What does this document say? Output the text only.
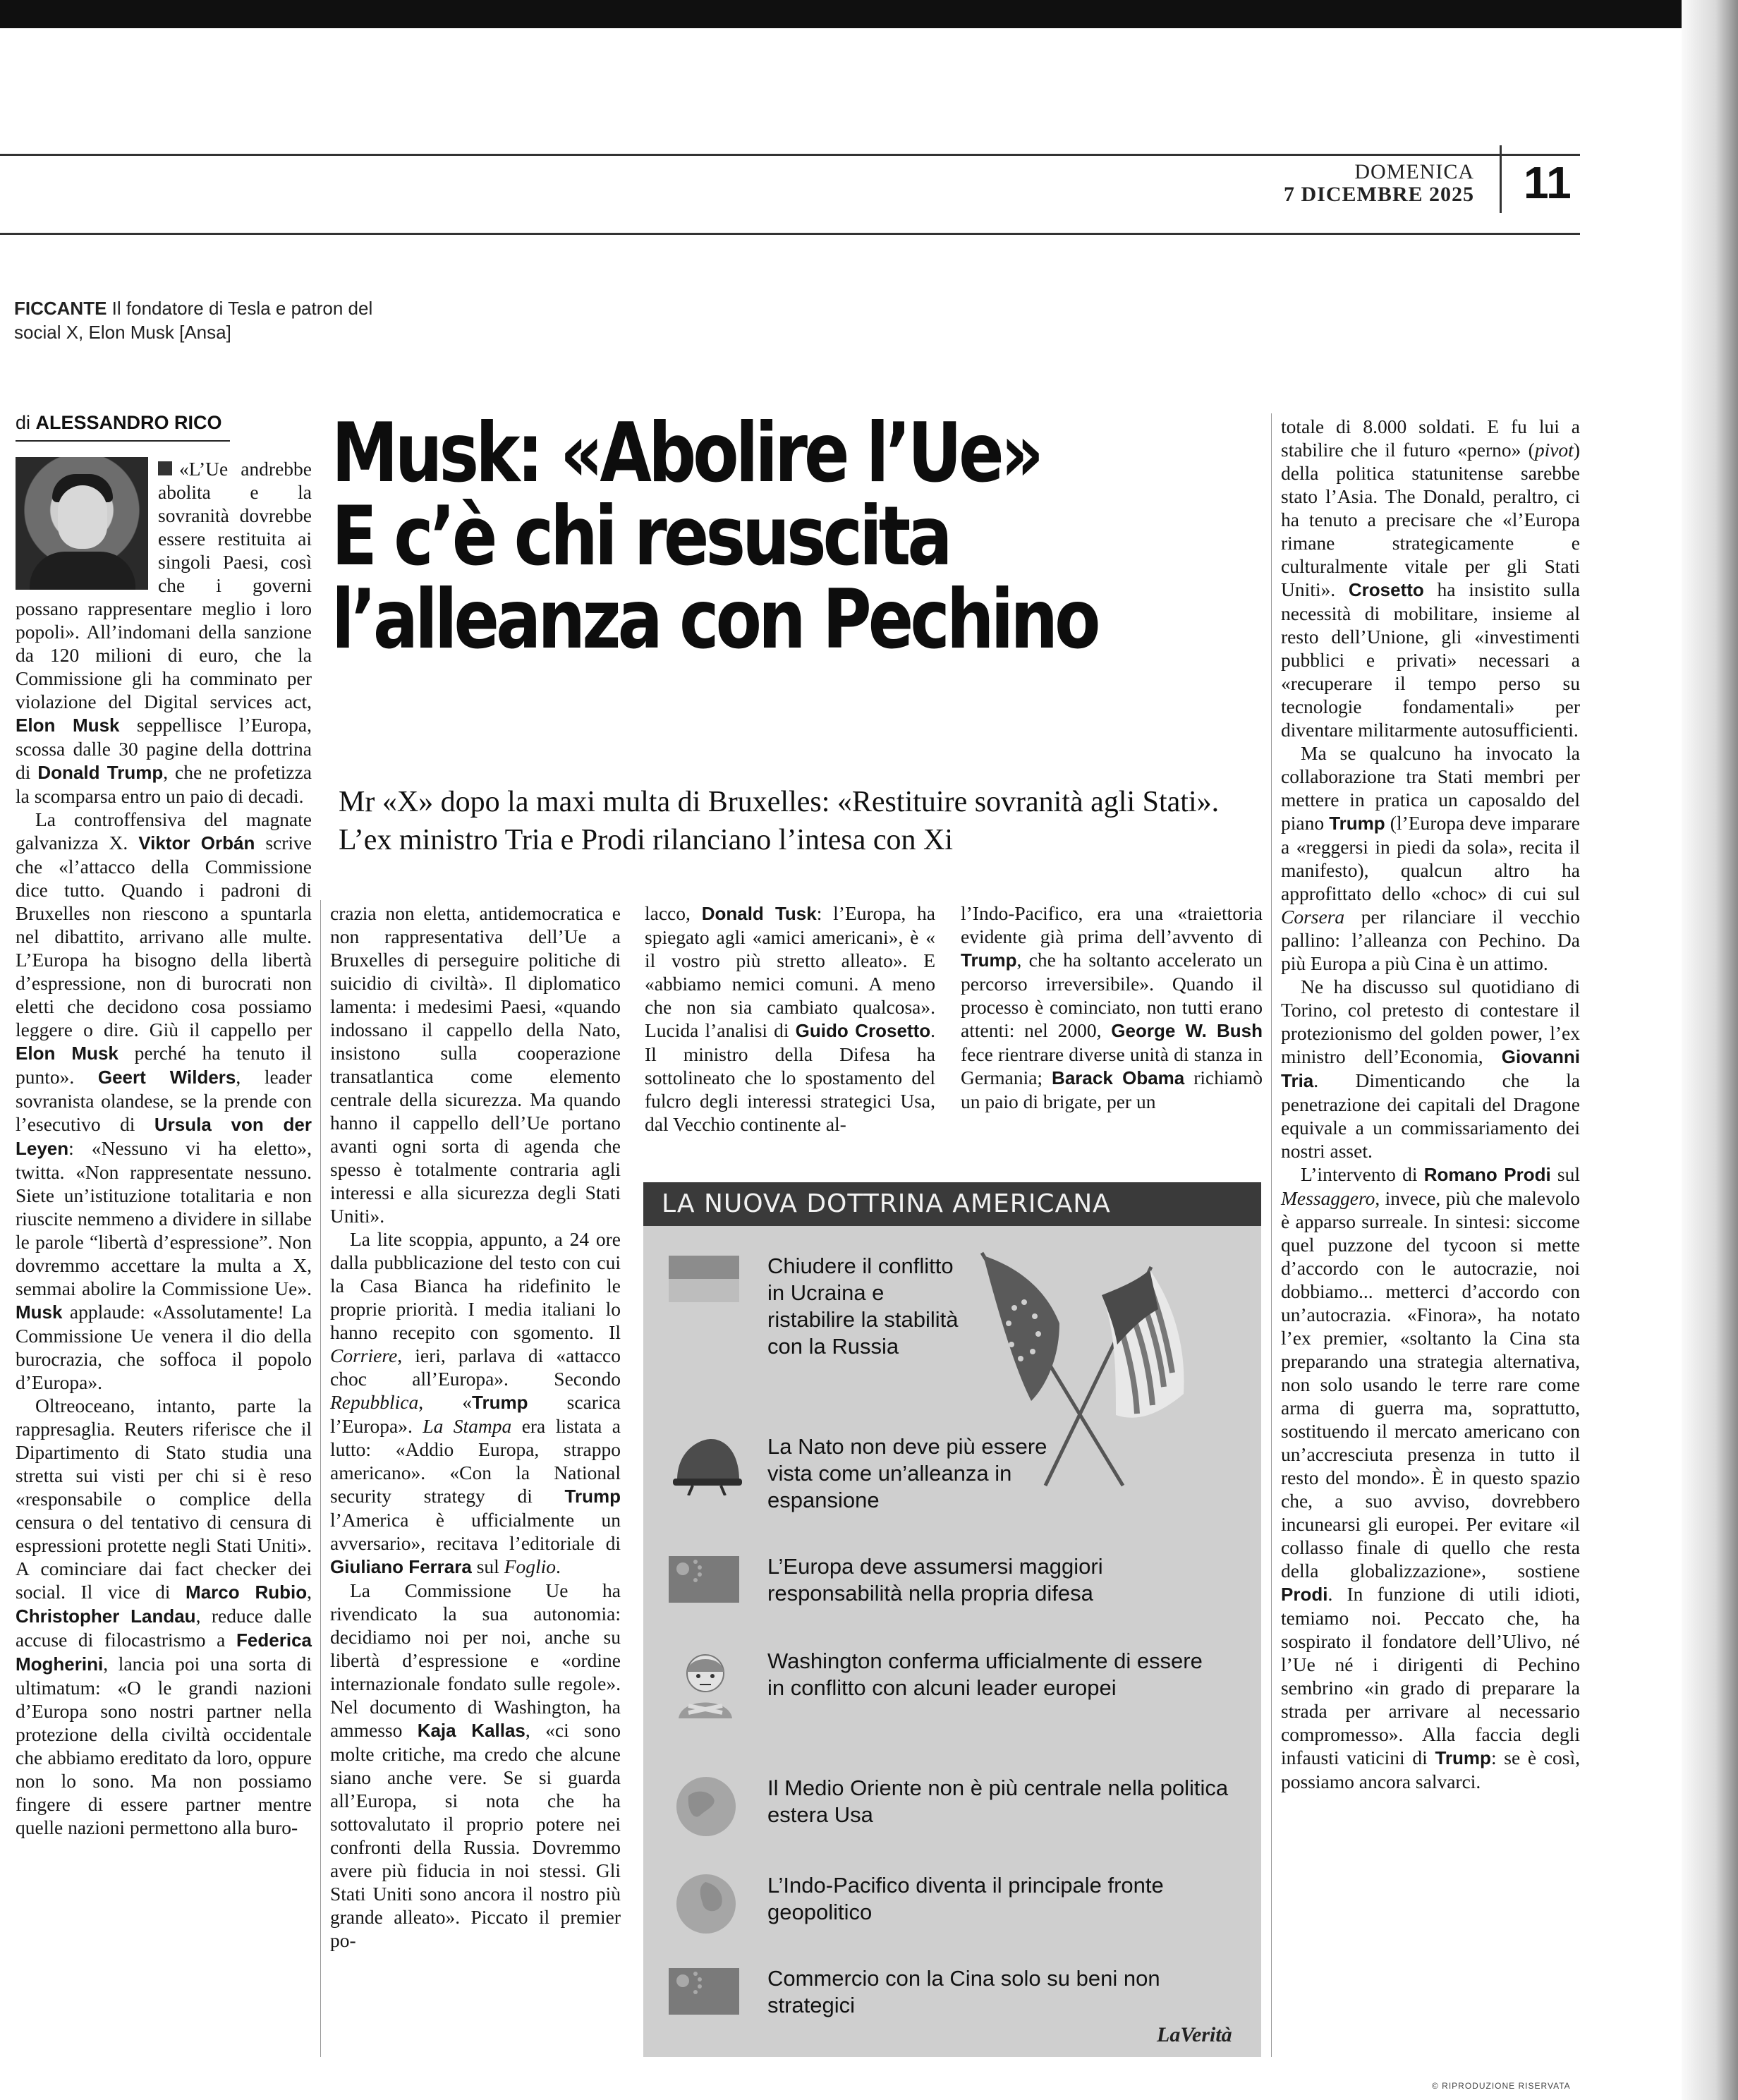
DOMENICA
7 DICEMBRE 2025 11
FICCANTE Il fondatore di Tesla e patron del social X, Elon Musk [Ansa]
di ALESSANDRO RICO Musk: «Abolire l’Ue»
E c’è chi resuscita
l’alleanza con Pechino
Mr «X» dopo la maxi multa di Bruxelles: «Restituire sovranità agli Stati». L’ex ministro Tria e Prodi rilanciano l’intesa con Xi

«L’Ue andrebbe abolita e la sovranità dovrebbe essere restituita ai singoli Paesi, così che i governi possano rappresentare meglio i loro popoli». All’indomani della sanzione da 120 milioni di euro, che la Commissione gli ha comminato per violazione del Digital services act, Elon Musk seppellisce l’Europa, scossa dalle 30 pagine della dottrina di Donald Trump, che ne profetizza la scomparsa entro un paio di decadi.

La controffensiva del magnate galvanizza X. Viktor Orbán scrive che «l’attacco della Commissione dice tutto. Quando i padroni di Bruxelles non riescono a spuntarla nel dibattito, arrivano alle multe. L’Europa ha bisogno della libertà d’espressione, non di burocrati non eletti che decidono cosa possiamo leggere o dire. Giù il cappello per Elon Musk perché ha tenuto il punto». Geert Wilders, leader sovranista olandese, se la prende con l’esecutivo di Ursula von der Leyen: «Nessuno vi ha eletto», twitta. «Non rappresentate nessuno. Siete un’istituzione totalitaria e non riuscite nemmeno a dividere in sillabe le parole “libertà d’espressione”. Non dovremmo accettare la multa a X, semmai abolire la Commissione Ue». Musk applaude: «Assolutamente! La Commissione Ue venera il dio della burocrazia, che soffoca il popolo d’Europa».

Oltreoceano, intanto, parte la rappresaglia. Reuters riferisce che il Dipartimento di Stato studia una stretta sui visti per chi si è reso «responsabile o complice della censura o del tentativo di censura di espressioni protette negli Stati Uniti». A cominciare dai fact checker dei social. Il vice di Marco Rubio, Christopher Landau, reduce dalle accuse di filocastrismo a Federica Mogherini, lancia poi una sorta di ultimatum: «O le grandi nazioni d’Europa sono nostri partner nella protezione della civiltà occidentale che abbiamo ereditato da loro, oppure non lo sono. Ma non possiamo fingere di essere partner mentre quelle nazioni permettono alla buro-

crazia non eletta, antidemocratica e non rappresentativa dell’Ue a Bruxelles di perseguire politiche di suicidio di civiltà». Il diplomatico lamenta: i medesimi Paesi, «quando indossano il cappello della Nato, insistono sulla cooperazione transatlantica come elemento centrale della sicurezza. Ma quando hanno il cappello dell’Ue portano avanti ogni sorta di agenda che spesso è totalmente contraria agli interessi e alla sicurezza degli Stati Uniti».

La lite scoppia, appunto, a 24 ore dalla pubblicazione del testo con cui la Casa Bianca ha ridefinito le proprie priorità. I media italiani lo hanno recepito con sgomento. Il Corriere, ieri, parlava di «attacco choc all’Europa». Secondo Repubblica, «Trump scarica l’Europa». La Stampa era listata a lutto: «Addio Europa, strappo americano». «Con la National security strategy di Trump l’America è ufficialmente un avversario», recitava l’editoriale di Giuliano Ferrara sul Foglio.

La Commissione Ue ha rivendicato la sua autonomia: decidiamo noi per noi, anche su libertà d’espressione e «ordine internazionale fondato sulle regole». Nel documento di Washington, ha ammesso Kaja Kallas, «ci sono molte critiche, ma credo che alcune siano anche vere. Se si guarda all’Europa, si nota che ha sottovalutato il proprio potere nei confronti della Russia. Dovremmo avere più fiducia in noi stessi. Gli Stati Uniti sono ancora il nostro più grande alleato». Piccato il premier po-

lacco, Donald Tusk: l’Europa, ha spiegato agli «amici americani», è « il vostro più stretto alleato». E «abbiamo nemici comuni. A meno che non sia cambiato qualcosa». Lucida l’analisi di Guido Crosetto. Il ministro della Difesa ha sottolineato che lo spostamento del fulcro degli interessi strategici Usa, dal Vecchio continente al-

l’Indo-Pacifico, era una «traiettoria evidente già prima dell’avvento di Trump, che ha soltanto accelerato un percorso irreversibile». Quando il processo è cominciato, non tutti erano attenti: nel 2000, George W. Bush fece rientrare diverse unità di stanza in Germania; Barack Obama richiamò un paio di brigate, per un

totale di 8.000 soldati. E fu lui a stabilire che il futuro «perno» (pivot) della politica statunitense sarebbe stato l’Asia. The Donald, peraltro, ci ha tenuto a precisare che «l’Europa rimane strategicamente e culturalmente vitale per gli Stati Uniti». Crosetto ha insistito sulla necessità di mobilitare, insieme al resto dell’Unione, gli «investimenti pubblici e privati» necessari a «recuperare il tempo perso su tecnologie fondamentali» per diventare militarmente autosufficienti.

Ma se qualcuno ha invocato la collaborazione tra Stati membri per mettere in pratica un caposaldo del piano Trump (l’Europa deve imparare a «reggersi in piedi da sola», recita il manifesto), qualcun altro ha approfittato dello «choc» di cui sul Corsera per rilanciare il vecchio pallino: l’alleanza con Pechino. Da più Europa a più Cina è un attimo.

Ne ha discusso sul quotidiano di Torino, col pretesto di contestare il protezionismo del golden power, l’ex ministro dell’Economia, Giovanni Tria. Dimenticando che la penetrazione dei capitali del Dragone equivale a un commissariamento dei nostri asset.

L’intervento di Romano Prodi sul Messaggero, invece, più che malevolo è apparso surreale. In sintesi: siccome quel puzzone del tycoon si mette d’accordo con le autocrazie, noi dobbiamo... metterci d’accordo con un’autocrazia. «Finora», ha notato l’ex premier, «soltanto la Cina sta preparando una strategia alternativa, non solo usando le terre rare come arma di guerra ma, soprattutto, sostituendo il mercato americano con un’accresciuta presenza in tutto il resto del mondo». È in questo spazio che, a suo avviso, dovrebbero incunearsi gli europei. Per evitare «il collasso finale di quello che resta della globalizzazione», sostiene Prodi. In funzione di utili idioti, temiamo noi. Peccato che, ha sospirato il fondatore dell’Ulivo, né l’Ue né i dirigenti di Pechino sembrino «in grado di preparare la strada per arrivare al necessario compromesso». Alla faccia degli infausti vaticini di Trump: se è così, possiamo ancora salvarci.

LA NUOVA DOTTRINA AMERICANA
Chiudere il conflitto in Ucraina e ristabilire la stabilità con la Russia
La Nato non deve più essere vista come un’alleanza in espansione
L’Europa deve assumersi maggiori responsabilità nella propria difesa
Washington conferma ufficialmente di essere in conflitto con alcuni leader europei
Il Medio Oriente non è più centrale nella politica estera Usa
L’Indo-Pacifico diventa il principale fronte geopolitico
Commercio con la Cina solo su beni non strategici
LaVerità
© RIPRODUZIONE RISERVATA
